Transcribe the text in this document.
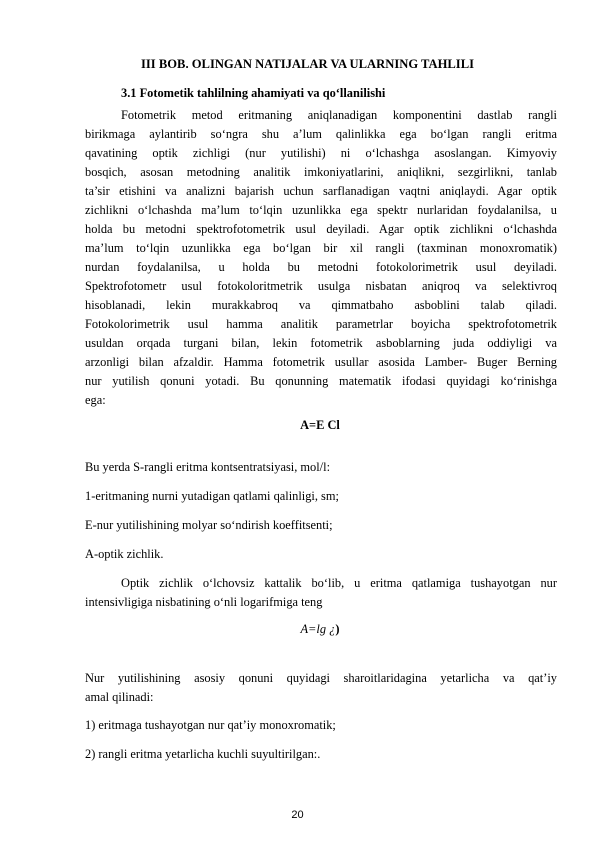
III BOB. OLINGAN NATIJALAR VA ULARNING TAHLILI
3.1 Fotometik tahlilning ahamiyati va qo‘llanilishi
Fotometrik metod eritmaning aniqlanadigan komponentini dastlab rangli
birikmaga aylantirib so‘ngra shu a’lum qalinlikka ega bo‘lgan rangli eritma
qavatining optik zichligi (nur yutilishi) ni o‘lchashga asoslangan. Kimyoviy
bosqich, asosan metodning analitik imkoniyatlarini, aniqlikni, sezgirlikni, tanlab
ta’sir etishini va analizni bajarish uchun sarflanadigan vaqtni aniqlaydi. Agar optik
zichlikni o‘lchashda ma’lum to‘lqin uzunlikka ega spektr nurlaridan foydalanilsa, u
holda bu metodni spektrofotometrik usul deyiladi. Agar optik zichlikni o‘lchashda
ma’lum to‘lqin uzunlikka ega bo‘lgan bir xil rangli (taxminan monoxromatik)
nurdan foydalanilsa, u holda bu metodni fotokolorimetrik usul deyiladi.
Spektrofotometr usul fotokoloritmetrik usulga nisbatan aniqroq va selektivroq
hisoblanadi, lekin murakkabroq va qimmatbaho asboblini talab qiladi.
Fotokolorimetrik usul hamma analitik parametrlar boyicha spektrofotometrik
usuldan orqada turgani bilan, lekin fotometrik asboblarning juda oddiyligi va
arzonligi bilan afzaldir. Hamma fotometrik usullar asosida Lamber- Buger Berning
nur yutilish qonuni yotadi. Bu qonunning matematik ifodasi quyidagi ko‘rinishga
ega:
A=E Cl
Bu yerda S-rangli eritma kontsentratsiyasi, mol/l:
1-eritmaning nurni yutadigan qatlami qalinligi, sm;
E-nur yutilishining molyar so‘ndirish koeffitsenti;
A-optik zichlik.
Optik zichlik o‘lchovsiz kattalik bo‘lib, u eritma qatlamiga tushayotgan nur
intensivligiga nisbatining o‘nli logarifmiga teng
A=lg ¿)
Nur yutilishining asosiy qonuni quyidagi sharoitlaridagina yetarlicha va qat’iy
amal qilinadi:
1) eritmaga tushayotgan nur qat’iy monoxromatik;
2) rangli eritma yetarlicha kuchli suyultirilgan:.
20
